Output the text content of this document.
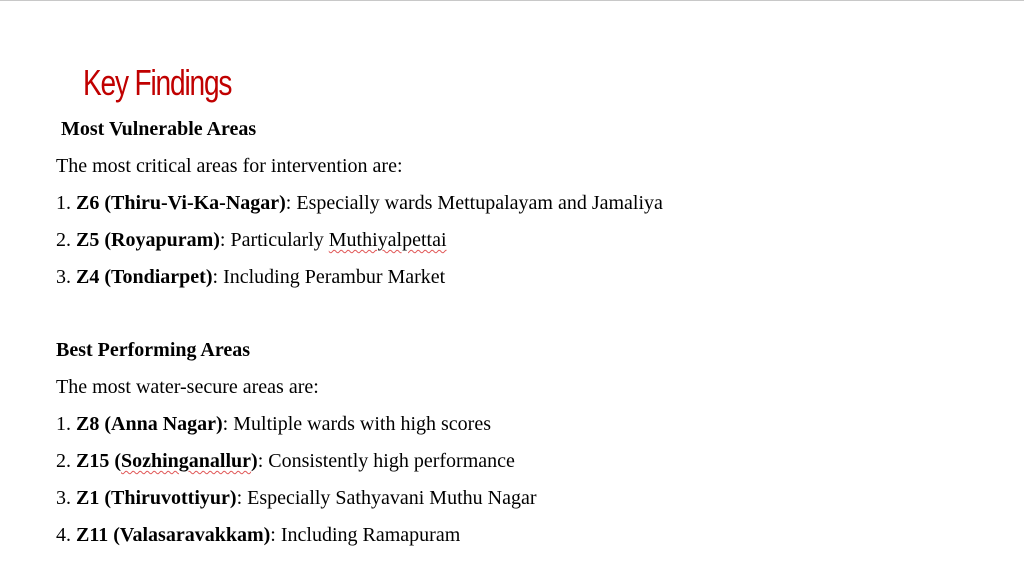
Key Findings
Most Vulnerable Areas
The most critical areas for intervention are:
1. Z6 (Thiru-Vi-Ka-Nagar): Especially wards Mettupalayam and Jamaliya
2. Z5 (Royapuram): Particularly Muthiyalpettai
3. Z4 (Tondiarpet): Including Perambur Market
Best Performing Areas
The most water-secure areas are:
1. Z8 (Anna Nagar): Multiple wards with high scores
2. Z15 (Sozhinganallur): Consistently high performance
3. Z1 (Thiruvottiyur): Especially Sathyavani Muthu Nagar
4. Z11 (Valasaravakkam): Including Ramapuram
